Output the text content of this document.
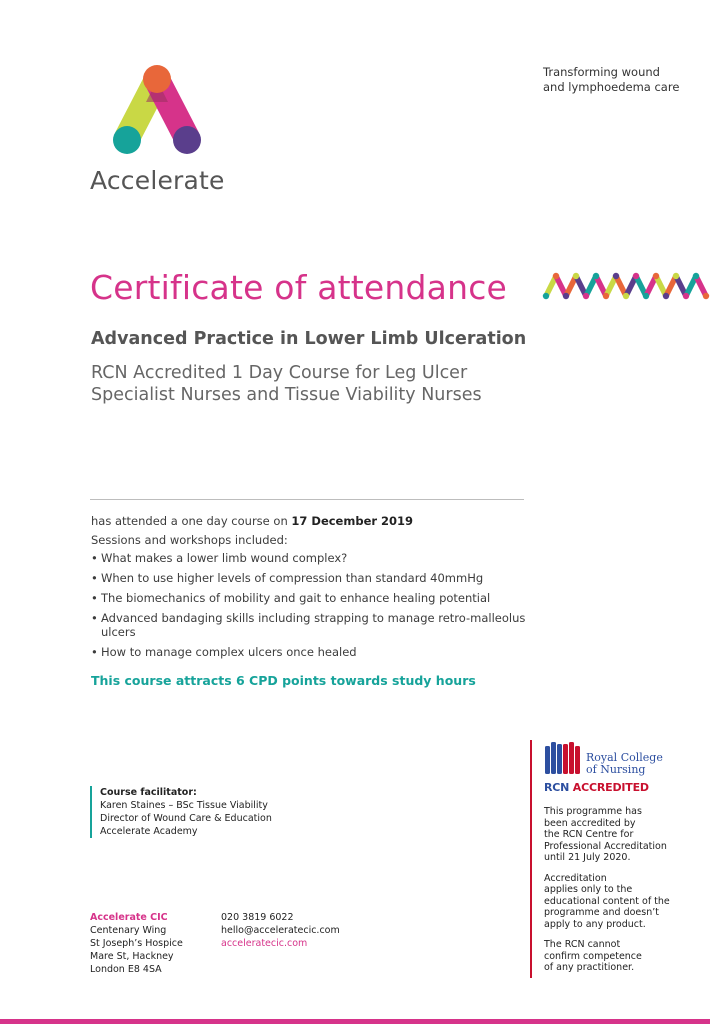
Accelerate
Transforming wound
and lymphoedema care
Certificate of attendance
Advanced Practice in Lower Limb Ulceration
RCN Accredited 1 Day Course for Leg Ulcer
Specialist Nurses and Tissue Viability Nurses
has attended a one day course on 17 December 2019
Sessions and workshops included:
• What makes a lower limb wound complex?
• When to use higher levels of compression than standard 40mmHg
• The biomechanics of mobility and gait to enhance healing potential
• Advanced bandaging skills including strapping to manage retro-malleolus ulcers
• How to manage complex ulcers once healed
This course attracts 6 CPD points towards study hours
Course facilitator:
Karen Staines – BSc Tissue Viability
Director of Wound Care & Education
Accelerate Academy
Accelerate CIC
Centenary Wing
St Joseph’s Hospice
Mare St, Hackney
London E8 4SA
020 3819 6022
hello@acceleratecic.com
acceleratecic.com
Royal College
of Nursing
RCN ACCREDITED

This programme has
been accredited by
the RCN Centre for
Professional Accreditation
until 21 July 2020.

Accreditation
applies only to the
educational content of the
programme and doesn’t
apply to any product.

The RCN cannot
confirm competence
of any practitioner.
